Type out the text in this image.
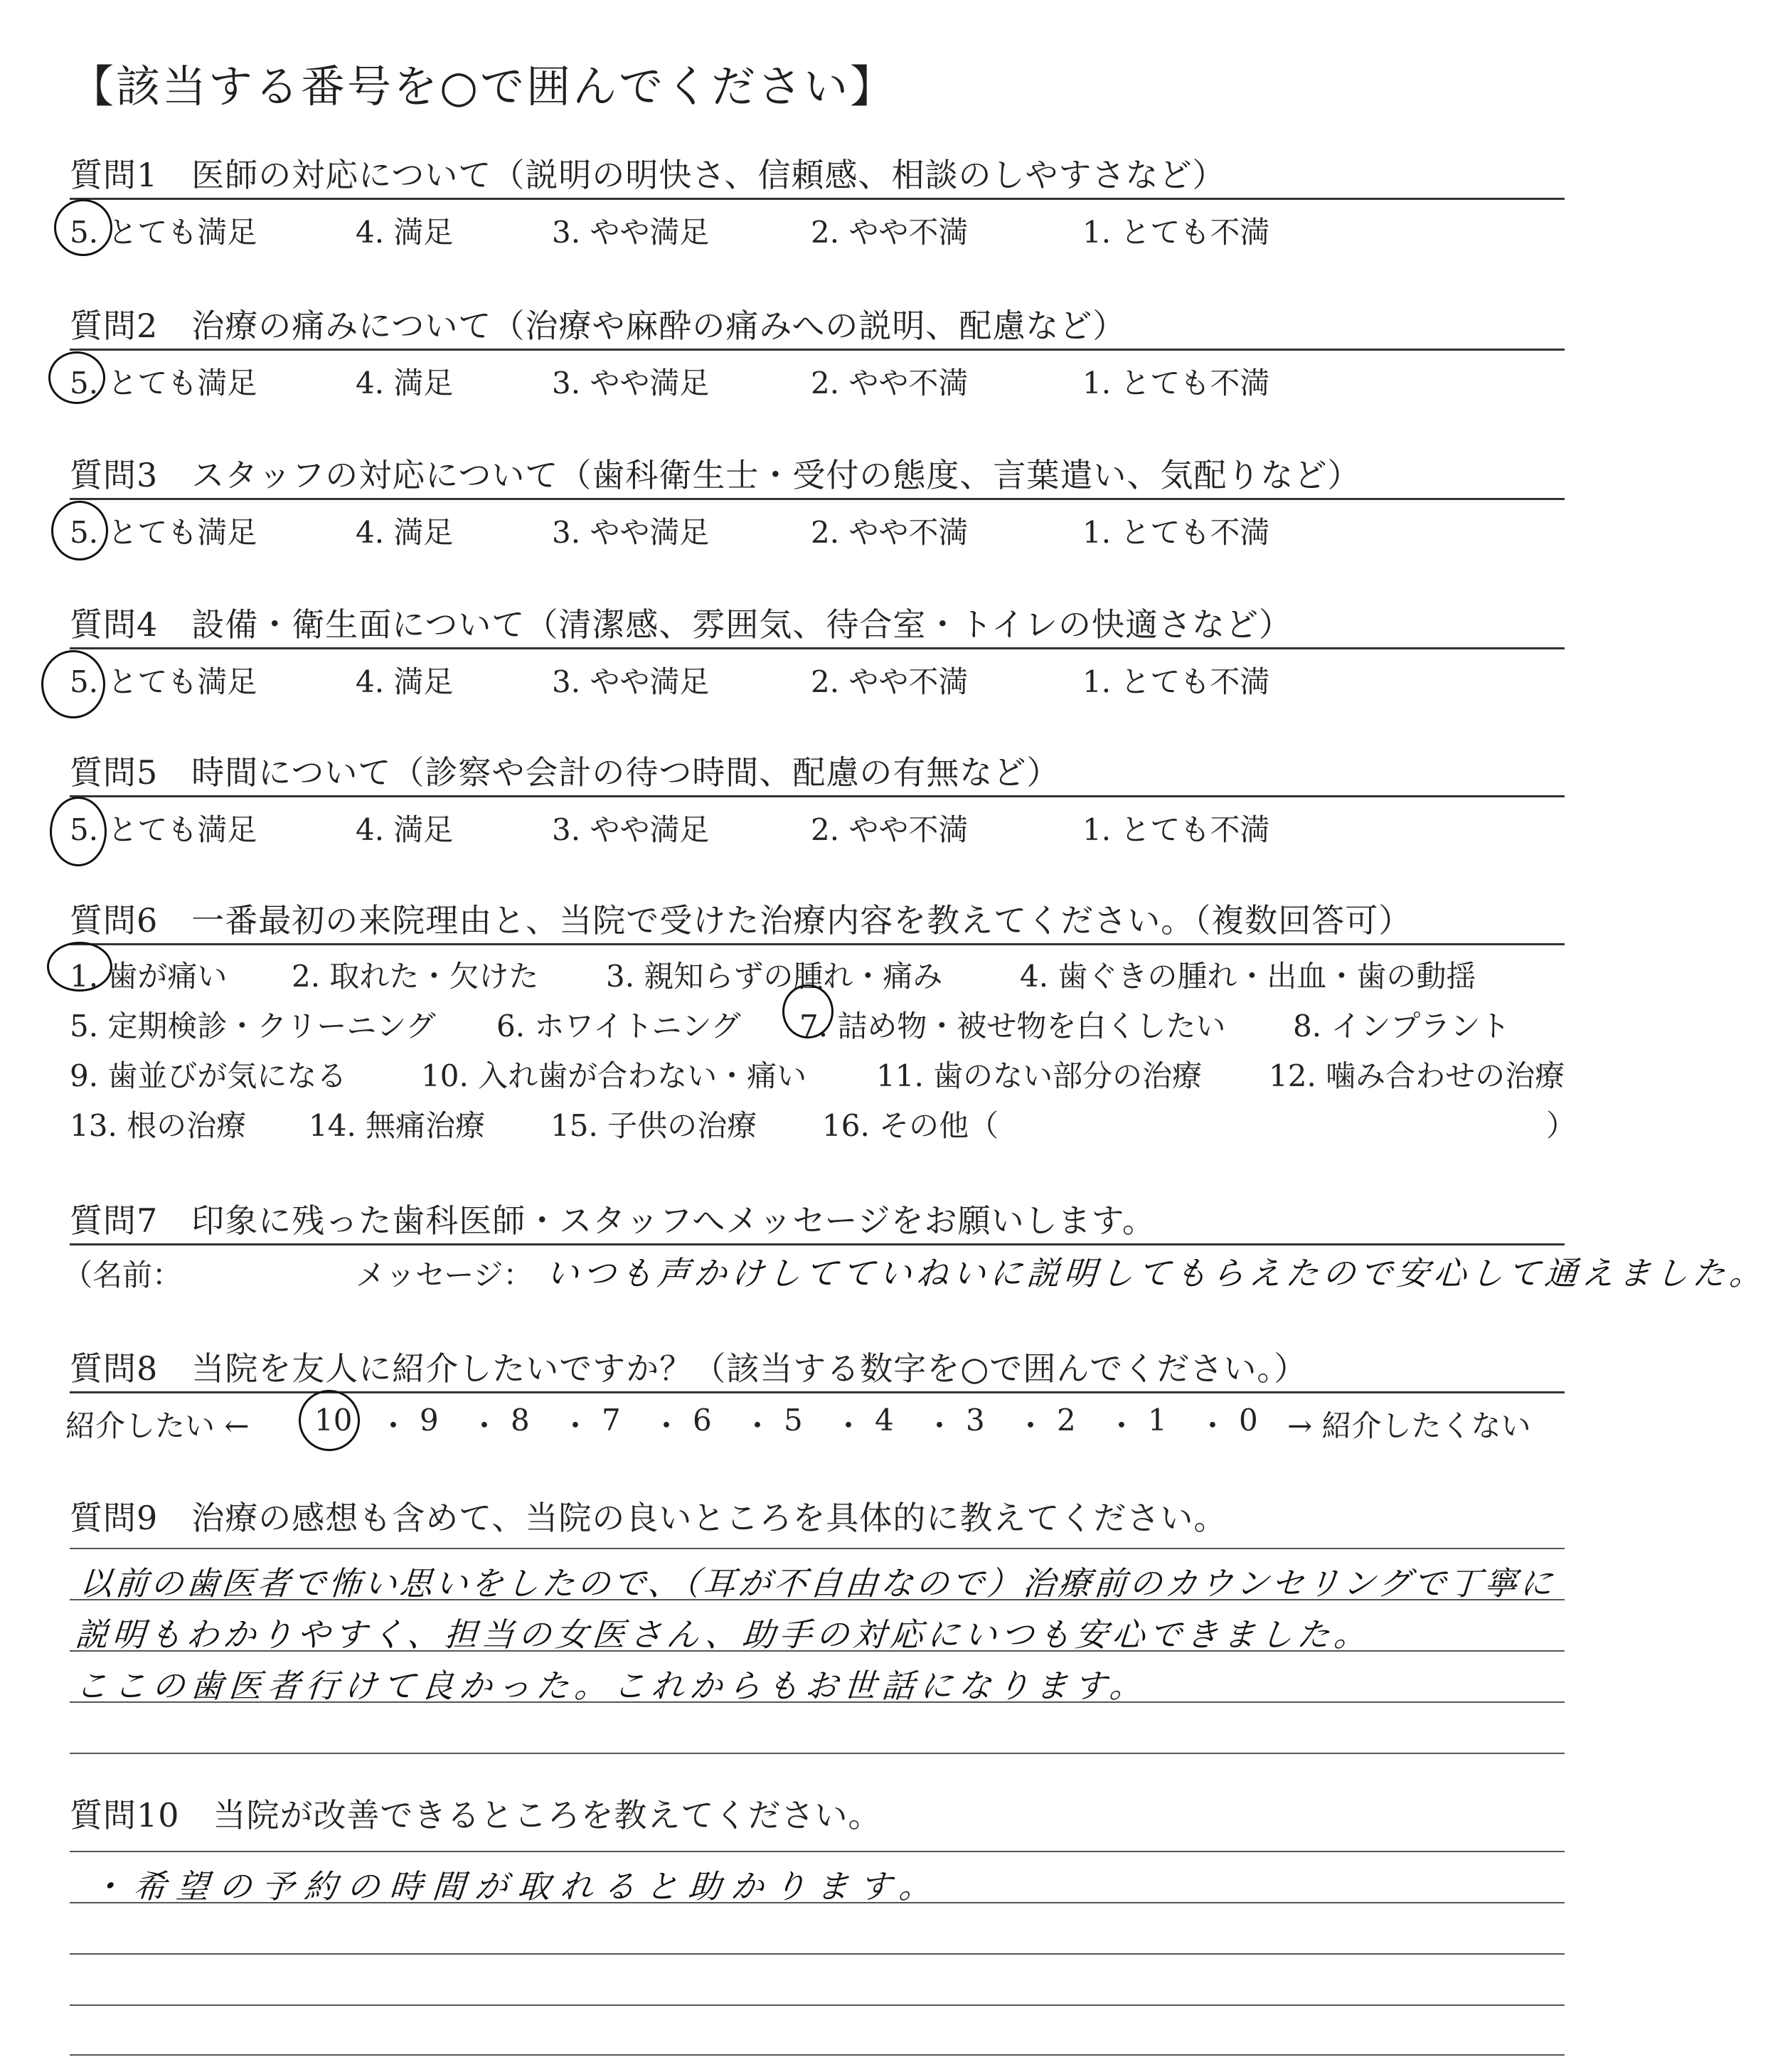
【該当する番号を○で囲んでください】
質問1　医師の対応について（説明の明快さ、信頼感、相談のしやすさなど）
5. とても満足	4. 満足	3. やや満足	2. やや不満	1. とても不満
質問2　治療の痛みについて（治療や麻酔の痛みへの説明、配慮など）
5. とても満足	4. 満足	3. やや満足	2. やや不満	1. とても不満
質問3　スタッフの対応について（歯科衛生士・受付の態度、言葉遣い、気配りなど）
5. とても満足	4. 満足	3. やや満足	2. やや不満	1. とても不満
質問4　設備・衛生面について（清潔感、雰囲気、待合室・トイレの快適さなど）
5. とても満足	4. 満足	3. やや満足	2. やや不満	1. とても不満
質問5　時間について（診察や会計の待つ時間、配慮の有無など）
5. とても満足	4. 満足	3. やや満足	2. やや不満	1. とても不満
質問6　一番最初の来院理由と、当院で受けた治療内容を教えてください。（複数回答可）
1. 歯が痛い 2. 取れた・欠けた 3. 親知らずの腫れ・痛み	4. 歯ぐきの腫れ・出血・歯の動揺
5. 定期検診・クリーニング 6. ホワイトニング 7. 詰め物・被せ物を白くしたい 8. インプラント
9. 歯並びが気になる 10. 入れ歯が合わない・痛い 11. 歯のない部分の治療 12. 噛み合わせの治療
13. 根の治療 14. 無痛治療 15. 子供の治療 16. その他（	）
質問7　印象に残った歯科医師・スタッフへメッセージをお願いします。
（名前：	メッセージ： いつも声かけしてていねいに説明してもらえたので安心して通えました。
質問8　当院を友人に紹介したいですか？（該当する数字を○で囲んでください。）
紹介したい ← 10 ・ 9 ・ 8 ・ 7 ・ 6 ・ 5 ・ 4 ・ 3 ・ 2 ・ 1 ・ 0 → 紹介したくない
質問9　治療の感想も含めて、当院の良いところを具体的に教えてください。
以前の歯医者で怖い思いをしたので、（耳が不自由なので）治療前のカウンセリングで丁寧に
説明もわかりやすく、担当の女医さん、助手の対応にいつも安心できました。
ここの歯医者行けて良かった。これからもお世話になります。
質問10　当院が改善できるところを教えてください。
・希望の予約の時間が取れると助かります。
